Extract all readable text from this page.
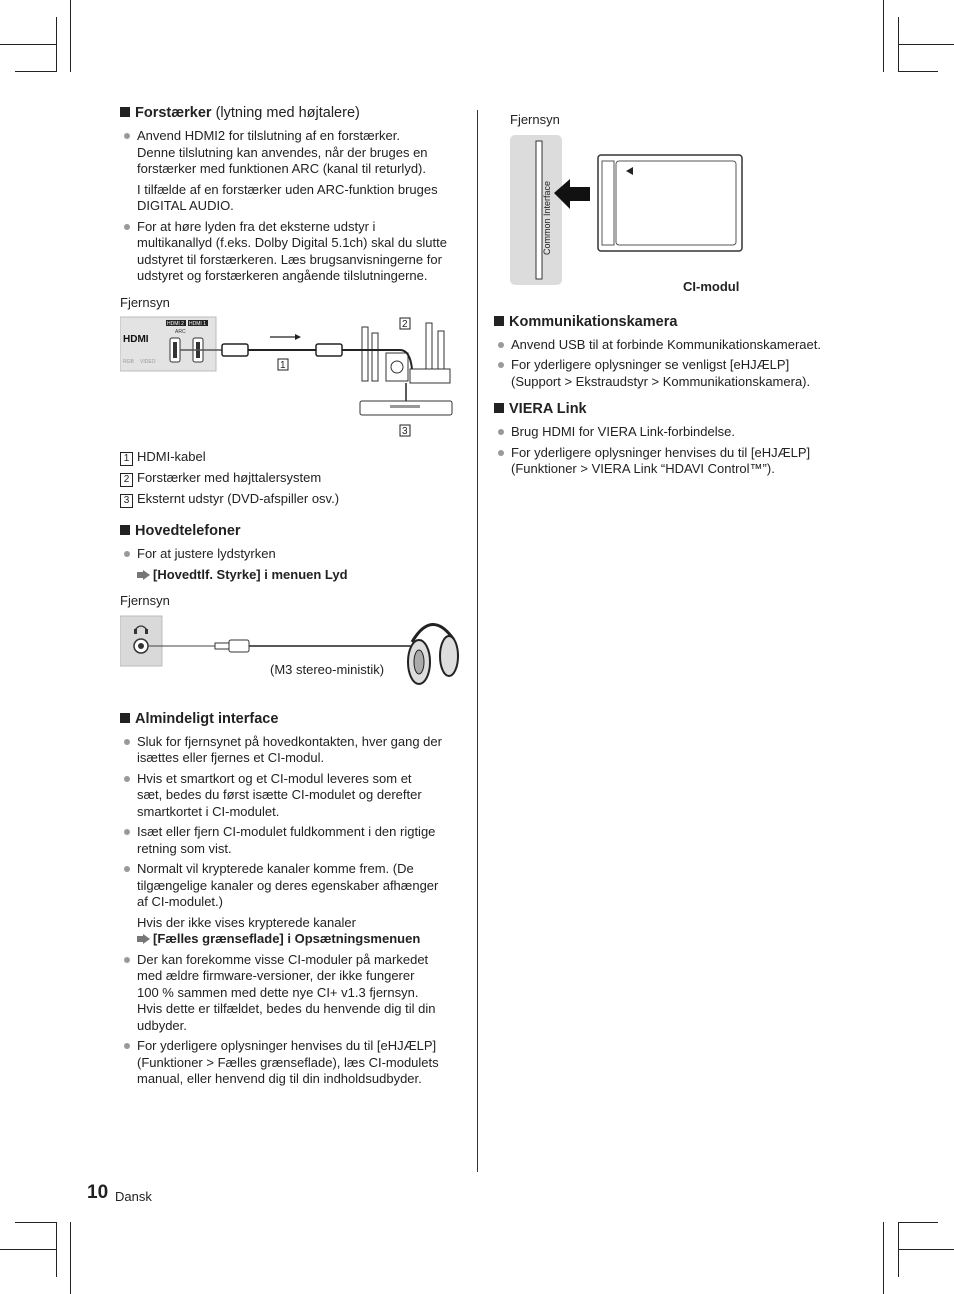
Forstærker (lytning med højtalere)
Anvend HDMI2 for tilslutning af en forstærker.
Denne tilslutning kan anvendes, når der bruges en
forstærker med funktionen ARC (kanal til returlyd).
I tilfælde af en forstærker uden ARC-funktion bruges
DIGITAL AUDIO.
For at høre lyden fra det eksterne udstyr i
multikanallyd (f.eks. Dolby Digital 5.1ch) skal du slutte
udstyret til forstærkeren. Læs brugsanvisningerne for
udstyret og forstærkeren angående tilslutningerne.
Fjernsyn
HDMI
HDMI 2 HDMI 1
ARC
RGB VIDEO	1
2
3
1 HDMI-kabel
2 Forstærker med højttalersystem
3 Eksternt udstyr (DVD-afspiller osv.)
Hovedtelefoner
For at justere lydstyrken
[Hovedtlf. Styrke] i menuen Lyd
Fjernsyn
(M3 stereo-ministik)
Almindeligt interface
Sluk for fjernsynet på hovedkontakten, hver gang der
isættes eller fjernes et CI-modul.
Hvis et smartkort og et CI-modul leveres som et
sæt, bedes du først isætte CI-modulet og derefter
smartkortet i CI-modulet.
Isæt eller fjern CI-modulet fuldkomment i den rigtige
retning som vist.
Normalt vil krypterede kanaler komme frem. (De
tilgængelige kanaler og deres egenskaber afhænger
af CI-modulet.)
Hvis der ikke vises krypterede kanaler
[Fælles grænseflade] i Opsætningsmenuen
Der kan forekomme visse CI-moduler på markedet
med ældre firmware-versioner, der ikke fungerer
100 % sammen med dette nye CI+ v1.3 fjernsyn.
Hvis dette er tilfældet, bedes du henvende dig til din
udbyder.
For yderligere oplysninger henvises du til [eHJÆLP]
(Funktioner > Fælles grænseflade), læs CI-modulets
manual, eller henvend dig til din indholdsudbyder.
Fjernsyn
Common Interface
CI-modul
Kommunikationskamera
Anvend USB til at forbinde Kommunikationskameraet.
For yderligere oplysninger se venligst [eHJÆLP]
(Support > Ekstraudstyr > Kommunikationskamera).
VIERA Link
Brug HDMI for VIERA Link-forbindelse.
For yderligere oplysninger henvises du til [eHJÆLP]
(Funktioner > VIERA Link “HDAVI Control™”).
10 Dansk
